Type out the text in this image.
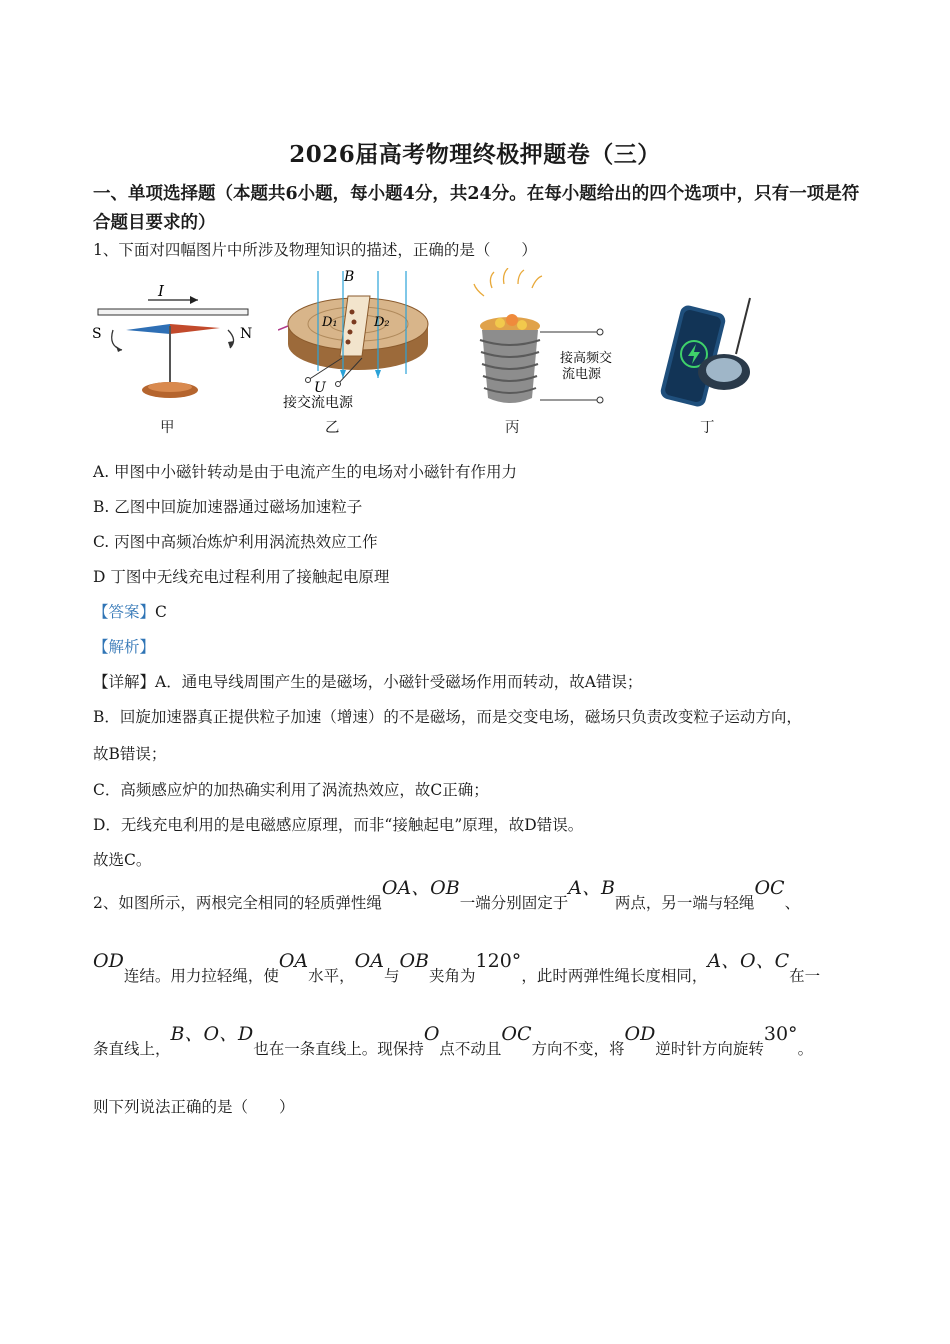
2026届高考物理终极押题卷（三）
一、单项选择题（本题共6小题，每小题4分，共24分。在每小题给出的四个选项中，只有一项是符合题目要求的）
1、下面对四幅图片中所涉及物理知识的描述，正确的是（　　）
I
S	N
甲
B
D₁	D₂
U
接交流电源
乙
接高频交
流电源
丙	丁
A. 甲图中小磁针转动是由于电流产生的电场对小磁针有作用力
B. 乙图中回旋加速器通过磁场加速粒子
C. 丙图中高频冶炼炉利用涡流热效应工作
D 丁图中无线充电过程利用了接触起电原理
【答案】C
【解析】
【详解】A．通电导线周围产生的是磁场，小磁针受磁场作用而转动，故A错误；
B．回旋加速器真正提供粒子加速（增速）的不是磁场，而是交变电场，磁场只负责改变粒子运动方向，
故B错误；
C．高频感应炉的加热确实利用了涡流热效应，故C正确；
D．无线充电利用的是电磁感应原理，而非“接触起电”原理，故D错误。
故选C。
2、如图所示，两根完全相同的轻质弹性绳OA、OB一端分别固定于A、B两点，另一端与轻绳OC、
OD连结。用力拉轻绳，使OA水平，OA与OB夹角为120°，此时两弹性绳长度相同，A、O、C在一
条直线上，B、O、D也在一条直线上。现保持O点不动且OC方向不变，将OD逆时针方向旋转30°。
则下列说法正确的是（　　）
